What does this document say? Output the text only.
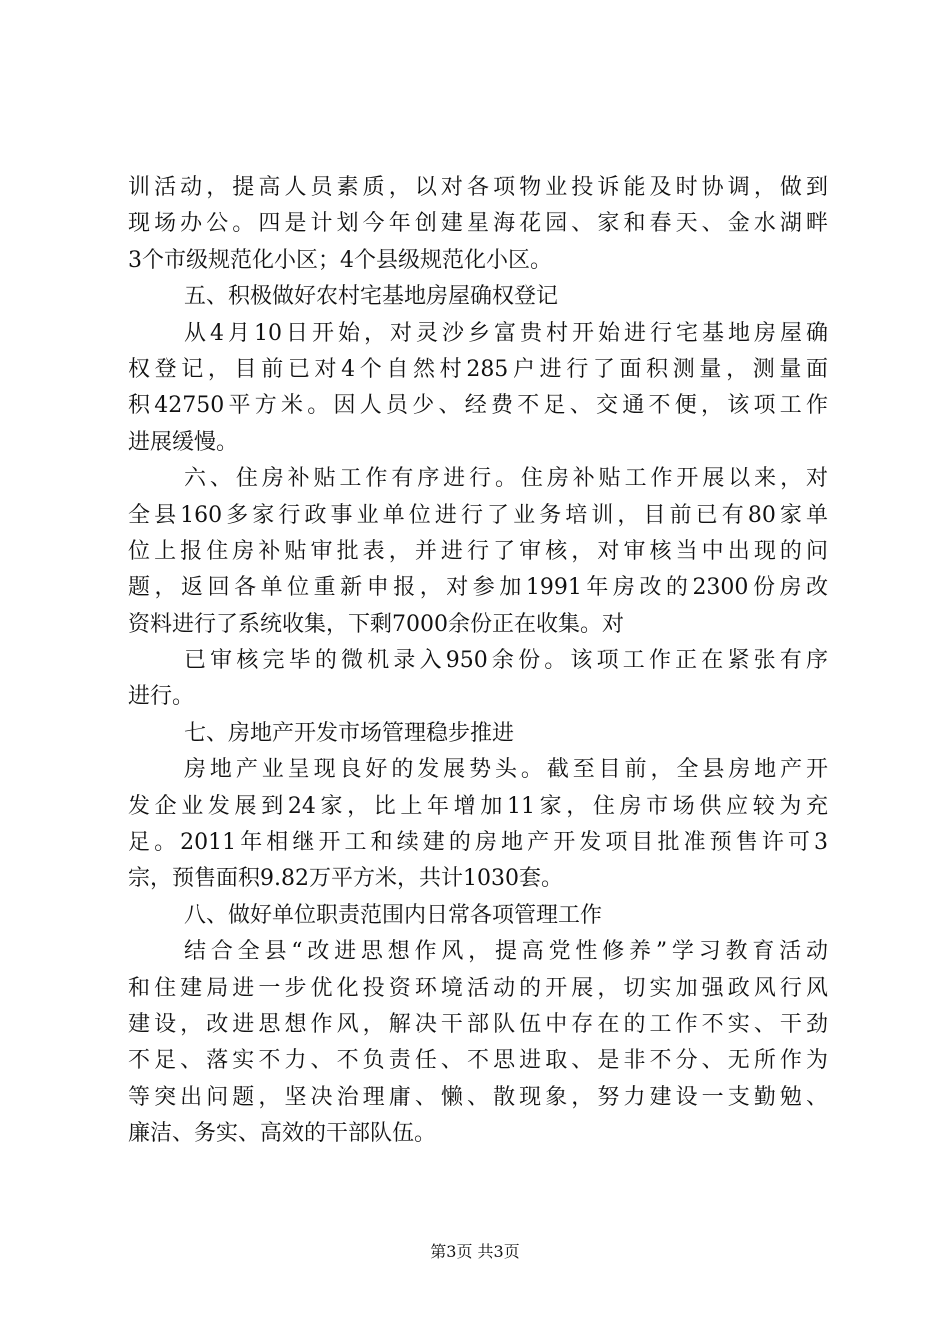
训活动，提高人员素质，以对各项物业投诉能及时协调，做到
现场办公。四是计划今年创建星海花园、家和春天、金水湖畔
3个市级规范化小区；4个县级规范化小区。
五、积极做好农村宅基地房屋确权登记
从4月10日开始，对灵沙乡富贵村开始进行宅基地房屋确
权登记，目前已对4个自然村285户进行了面积测量，测量面
积42750平方米。因人员少、经费不足、交通不便，该项工作
进展缓慢。
六、住房补贴工作有序进行。住房补贴工作开展以来，对
全县160多家行政事业单位进行了业务培训，目前已有80家单
位上报住房补贴审批表，并进行了审核，对审核当中出现的问
题，返回各单位重新申报，对参加1991年房改的2300份房改
资料进行了系统收集，下剩7000余份正在收集。对
已审核完毕的微机录入950余份。该项工作正在紧张有序
进行。
七、房地产开发市场管理稳步推进
房地产业呈现良好的发展势头。截至目前，全县房地产开
发企业发展到24家，比上年增加11家，住房市场供应较为充
足。2011年相继开工和续建的房地产开发项目批准预售许可3
宗，预售面积9.82万平方米，共计1030套。
八、做好单位职责范围内日常各项管理工作
结合全县“改进思想作风，提高党性修养”学习教育活动
和住建局进一步优化投资环境活动的开展，切实加强政风行风
建设，改进思想作风，解决干部队伍中存在的工作不实、干劲
不足、落实不力、不负责任、不思进取、是非不分、无所作为
等突出问题，坚决治理庸、懒、散现象，努力建设一支勤勉、
廉洁、务实、高效的干部队伍。
第3页 共3页
